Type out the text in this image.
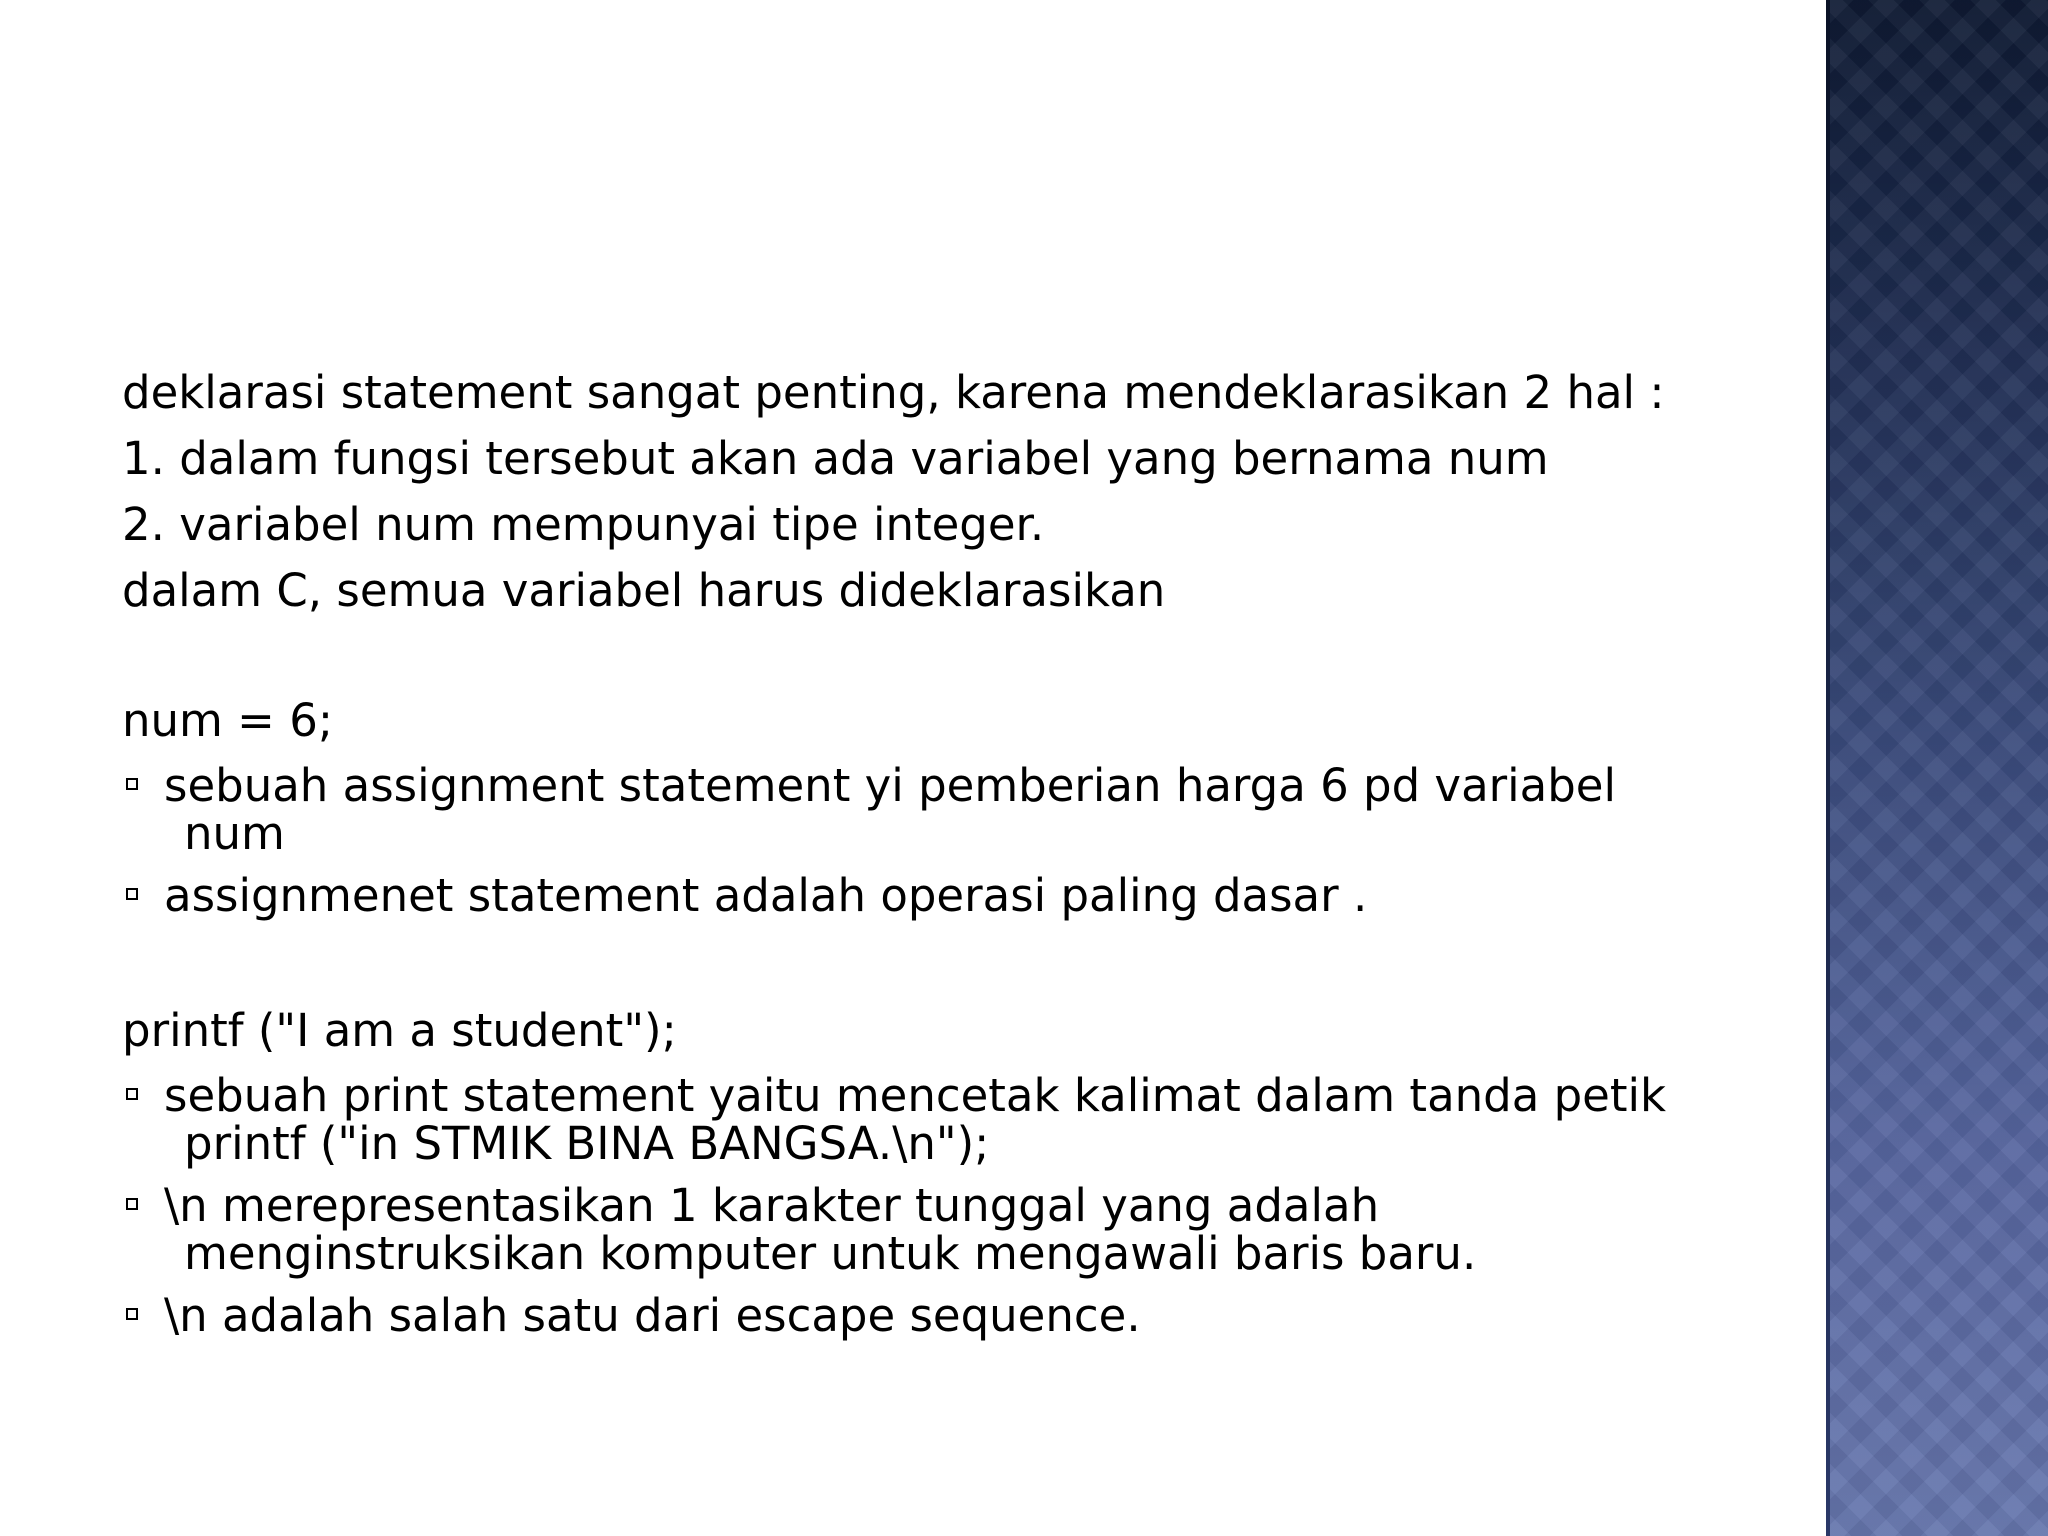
deklarasi statement sangat penting, karena mendeklarasikan 2 hal :
1. dalam fungsi tersebut akan ada variabel yang bernama num
2. variabel num mempunyai tipe integer.
dalam C, semua variabel harus dideklarasikan
num = 6;
sebuah assignment statement yi pemberian harga 6 pd variabel
num
assignmenet statement adalah operasi paling dasar .
printf ("I am a student");
sebuah print statement yaitu mencetak kalimat dalam tanda petik
printf ("in STMIK BINA BANGSA.\n");
\n merepresentasikan 1 karakter tunggal yang adalah
menginstruksikan komputer untuk mengawali baris baru.
\n adalah salah satu dari escape sequence.
